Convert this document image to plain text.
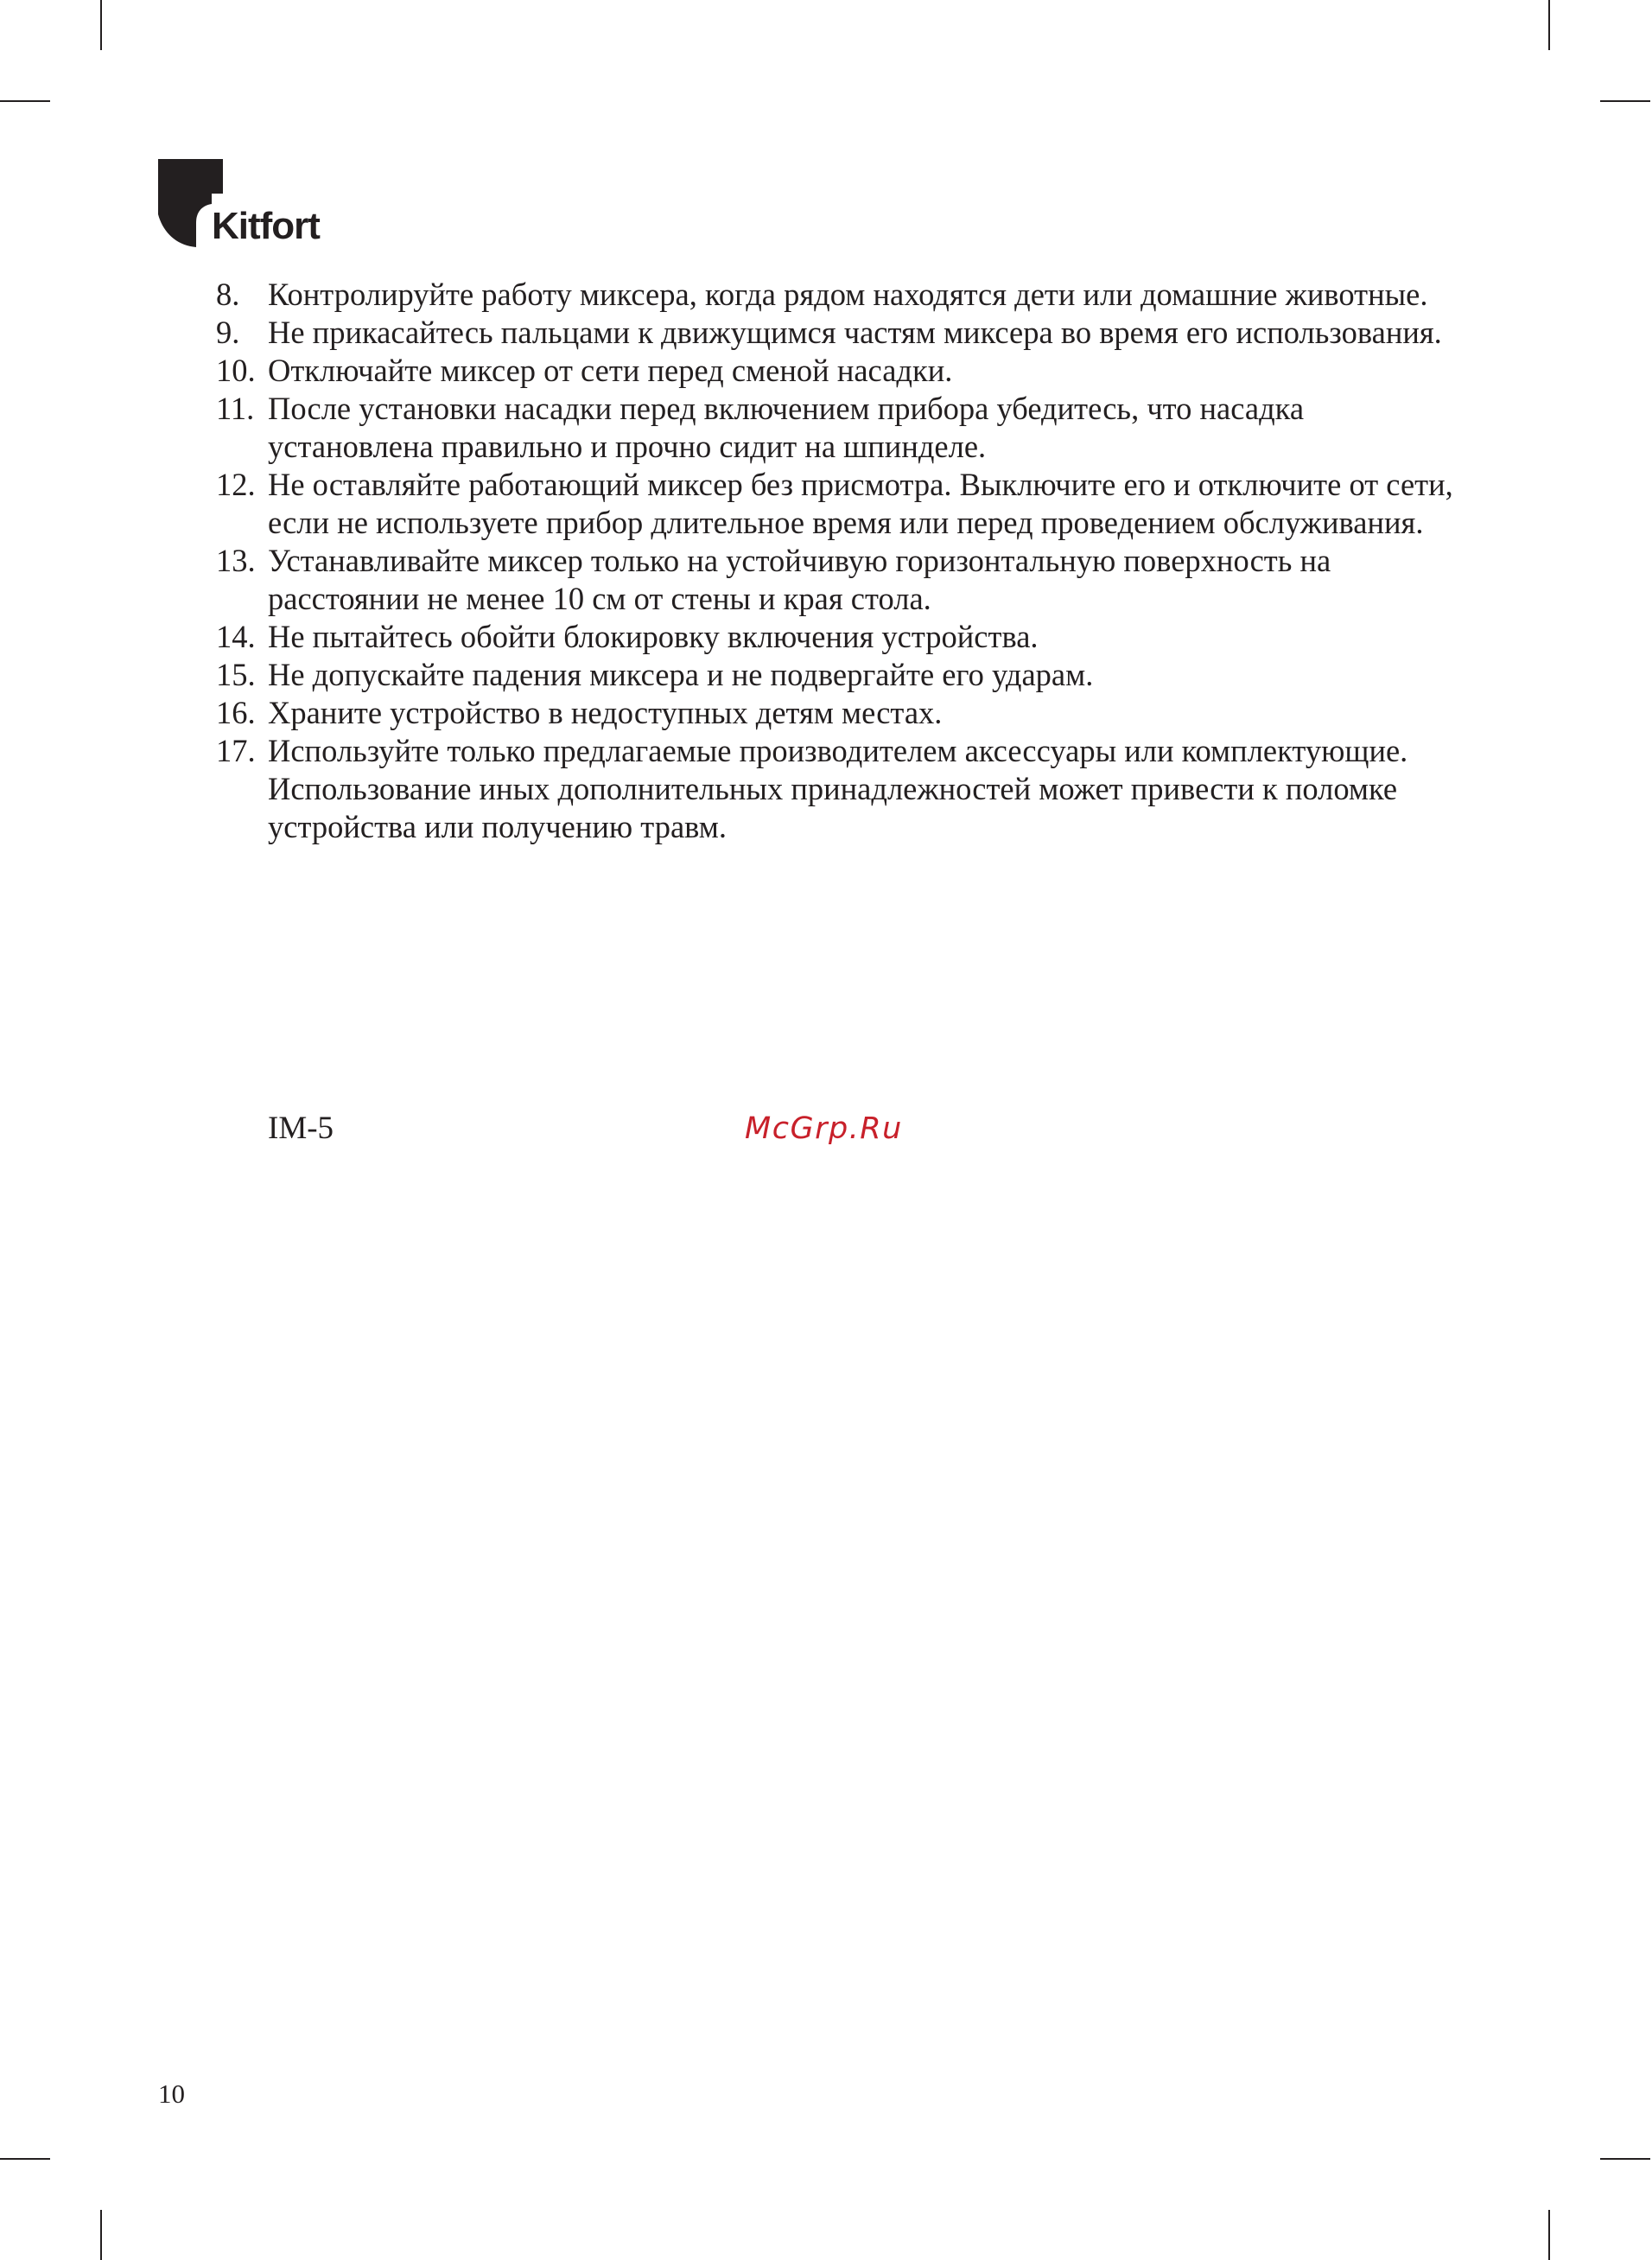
Kitfort
8. Контролируйте работу миксера, когда рядом находятся дети или домашние животные.
9. Не прикасайтесь пальцами к движущимся частям миксера во время его использования.
10. Отключайте миксер от сети перед сменой насадки.
11. После установки насадки перед включением прибора убедитесь, что насадка установлена правильно и прочно сидит на шпинделе.
12. Не оставляйте работающий миксер без присмотра. Выключите его и отключите от сети, если не используете прибор длительное время или перед проведением обслуживания.
13. Устанавливайте миксер только на устойчивую горизонтальную поверхность на расстоянии не менее 10 см от стены и края стола.
14. Не пытайтесь обойти блокировку включения устройства.
15. Не допускайте падения миксера и не подвергайте его ударам.
16. Храните устройство в недоступных детям местах.
17. Используйте только предлагаемые производителем аксессуары или комплектующие. Использование иных дополнительных принадлежностей может привести к поломке устройства или получению травм.
IM-5	McGrp.Ru
10
